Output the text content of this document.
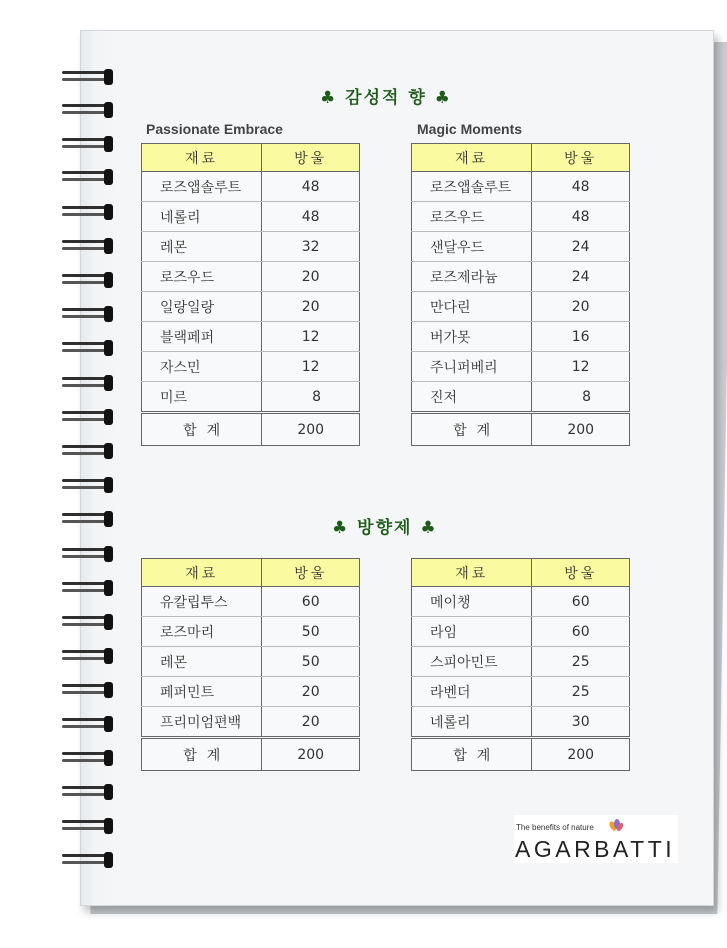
♣ 감성적 향 ♣
Passionate Embrace	Magic Moments
재료	방울
로즈앱솔루트	48
네롤리	48
레몬	32
로즈우드	20
일랑일랑	20
블랙페퍼	12
자스민	12
미르	8
합계	200
재료	방울
로즈앱솔루트	48
로즈우드	48
샌달우드	24
로즈제라늄	24
만다린	20
버가못	16
주니퍼베리	12
진저	8
합계	200
♣ 방향제 ♣
재료	방울
유칼립투스	60
로즈마리	50
레몬	50
페퍼민트	20
프리미엄편백	20
합계	200
재료	방울
메이챙	60
라임	60
스피아민트	25
라벤더	25
네롤리	30
합계	200
The benefits of nature
AGARBATTI
